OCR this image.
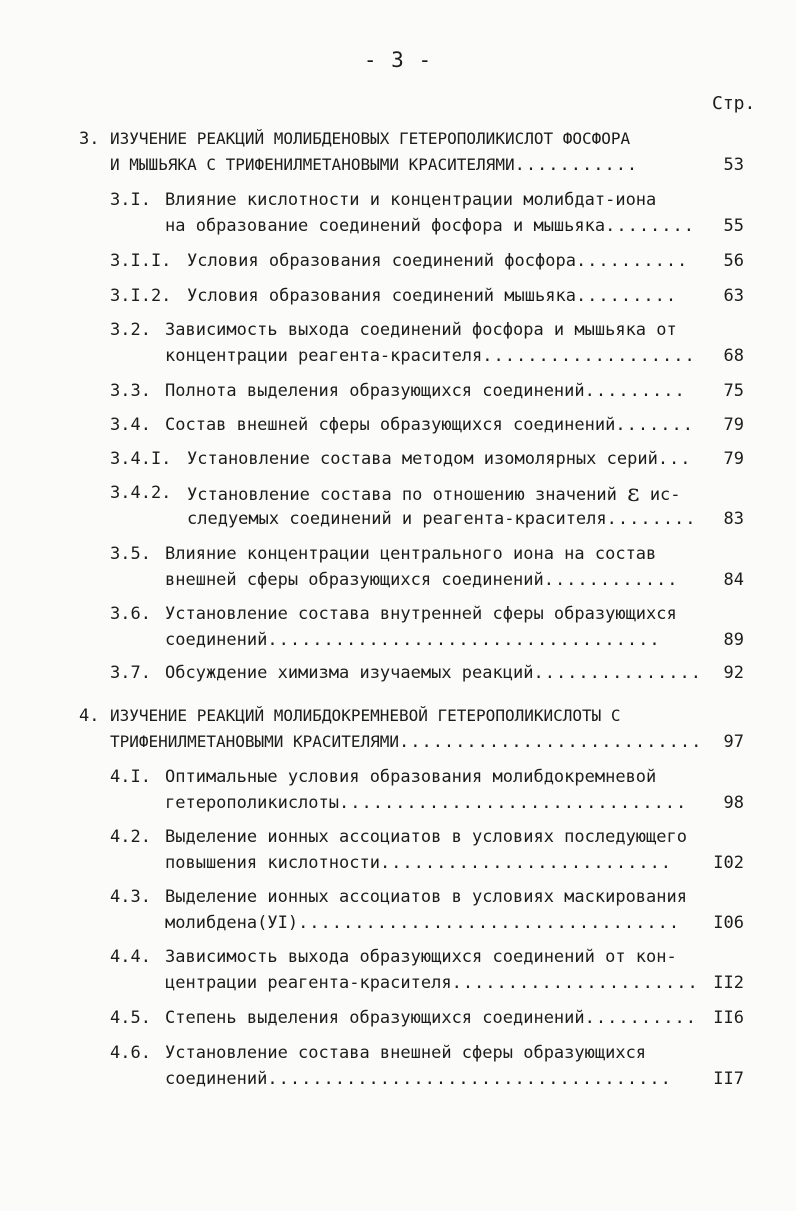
- 3 -
Стр.
3. ИЗУЧЕНИЕ РЕАКЦИЙ МОЛИБДЕНОВЫХ ГЕТЕРОПОЛИКИСЛОТ ФОСФОРА
И МЫШЬЯКА С ТРИФЕНИЛМЕТАНОВЫМИ КРАСИТЕЛЯМИ...........	53
3.I. Влияние кислотности и концентрации молибдат-иона
на образование соединений фосфора и мышьяка........ 55
3.I.I. Условия образования соединений фосфора.......... 56
3.I.2. Условия образования соединений мышьяка.........	63
3.2. Зависимость выхода соединений фосфора и мышьяка от
концентрации реагента-красителя................... 68
3.3. Полнота выделения образующихся соединений......... 75
3.4. Состав внешней сферы образующихся соединений....... 79
3.4.I. Установление состава методом изомолярных серий... 79
3.4.2. Установление состава по отношению значений ε ис-
следуемых соединений и реагента-красителя........ 83
3.5. Влияние концентрации центрального иона на состав
внешней сферы образующихся соединений............	84
3.6. Установление состава внутренней сферы образующихся
соединений...................................	89
3.7. Обсуждение химизма изучаемых реакций............... 92
4. ИЗУЧЕНИЕ РЕАКЦИЙ МОЛИБДОКРЕМНЕВОЙ ГЕТЕРОПОЛИКИСЛОТЫ С
ТРИФЕНИЛМЕТАНОВЫМИ КРАСИТЕЛЯМИ........................... 97
4.I. Оптимальные условия образования молибдокремневой
гетерополикислоты............................... 98
4.2. Выделение ионных ассоциатов в условиях последующего
повышения кислотности.......................... I02
4.3. Выделение ионных ассоциатов в условиях маскирования
молибдена(УI).................................. I06
4.4. Зависимость выхода образующихся соединений от кон-
центрации реагента-красителя...................... II2
4.5. Степень выделения образующихся соединений.......... II6
4.6. Установление состава внешней сферы образующихся
соединений.................................... II7
